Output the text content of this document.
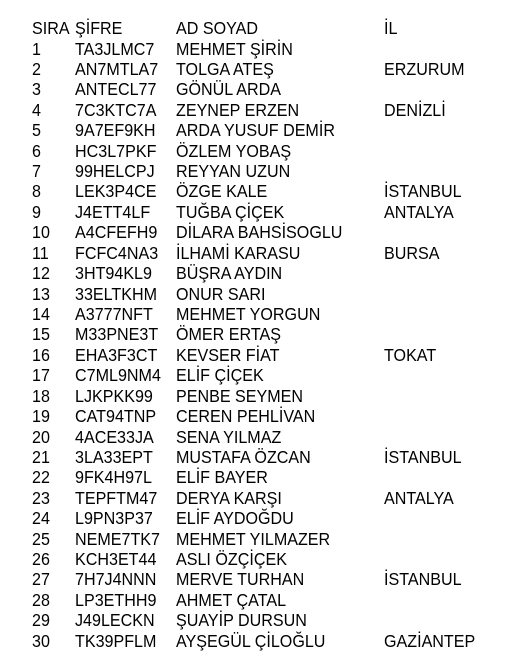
SIRA ŞİFRE	AD SOYAD	İL
1 TA3JLMC7 MEHMET ŞİRİN
2 AN7MTLA7 TOLGA ATEŞ	ERZURUM
3 ANTECL77 GÖNÜL ARDA
4 7C3KTC7A ZEYNEP ERZEN	DENİZLİ
5 9A7EF9KH ARDA YUSUF DEMİR
6 HC3L7PKF ÖZLEM YOBAŞ
7 99HELCPJ REYYAN UZUN
8 LEK3P4CE ÖZGE KALE	İSTANBUL
9 J4ETT4LF TUĞBA ÇİÇEK	ANTALYA
10 A4CFEFH9 DİLARA BAHSİSOGLU
11 FCFC4NA3 İLHAMİ KARASU	BURSA
12 3HT94KL9 BÜŞRA AYDIN
13 33ELTKHM ONUR SARI
14 A3777NFT MEHMET YORGUN
15 M33PNE3T ÖMER ERTAŞ
16 EHA3F3CT KEVSER FİAT	TOKAT
17 C7ML9NM4 ELİF ÇİÇEK
18 LJKPKK99 PENBE SEYMEN
19 CAT94TNP CEREN PEHLİVAN
20 4ACE33JA SENA YILMAZ
21 3LA33EPT MUSTAFA ÖZCAN	İSTANBUL
22 9FK4H97L ELİF BAYER
23 TEPFTM47 DERYA KARŞI	ANTALYA
24 L9PN3P37 ELİF AYDOĞDU
25 NEME7TK7 MEHMET YILMAZER
26 KCH3ET44 ASLI ÖZÇİÇEK
27 7H7J4NNN MERVE TURHAN	İSTANBUL
28 LP3ETHH9 AHMET ÇATAL
29 J49LECKN ŞUAYİP DURSUN
30 TK39PFLM AYŞEGÜL ÇİLOĞLU	GAZİANTEP
